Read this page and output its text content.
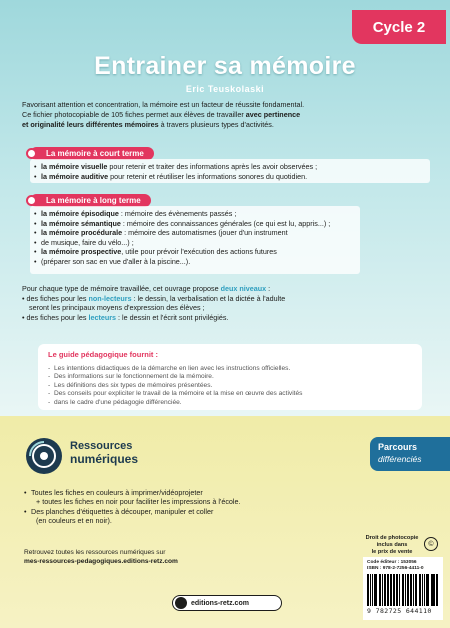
Cycle 2
Entrainer sa mémoire
Eric Teuskolaski
Favorisant attention et concentration, la mémoire est un facteur de réussite fondamental.
Ce fichier photocopiable de 105 fiches permet aux élèves de travailler avec pertinence
et originalité leurs différentes mémoires à travers plusieurs types d'activités.
La mémoire à court terme
• la mémoire visuelle pour retenir et traiter des informations après les avoir observées ;
• la mémoire auditive pour retenir et réutiliser les informations sonores du quotidien.
La mémoire à long terme
• la mémoire épisodique : mémoire des évènements passés ;
• la mémoire sémantique : mémoire des connaissances générales (ce qui est lu, appris...) ;
• la mémoire procédurale : mémoire des automatismes (jouer d'un instrument
• de musique, faire du vélo...) ;
• la mémoire prospective, utile pour prévoir l'exécution des actions futures
• (préparer son sac en vue d'aller à la piscine...).
Pour chaque type de mémoire travaillée, cet ouvrage propose deux niveaux :
• des fiches pour les non-lecteurs : le dessin, la verbalisation et la dictée à l'adulte
seront les principaux moyens d'expression des élèves ;
• des fiches pour les lecteurs : le dessin et l'écrit sont privilégiés.
Le guide pédagogique fournit :
- Les intentions didactiques de la démarche en lien avec les instructions officielles.
- Des informations sur le fonctionnement de la mémoire.
- Les définitions des six types de mémoires présentées.
- Des conseils pour expliciter le travail de la mémoire et la mise en œuvre des activités
- dans le cadre d'une pédagogie différenciée.
Ressources
numériques
Parcours
différenciés
• Toutes les fiches en couleurs à imprimer/vidéoprojeter
+ toutes les fiches en noir pour faciliter les impressions à l'école.
• Des planches d'étiquettes à découper, manipuler et coller
(en couleurs et en noir).
Retrouvez toutes les ressources numériques sur
mes-ressources-pedagogiques.editions-retz.com
Droit de photocopie
inclus dans
le prix de vente
©
Code éditeur : 153056
ISBN : 978-2-7256-4411-0
9 782725 644110
editions-retz.com
